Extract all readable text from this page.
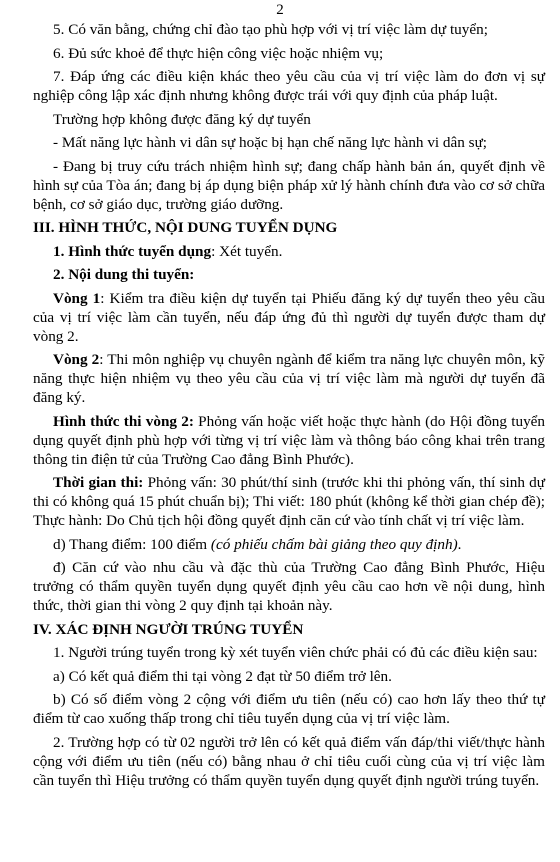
2

5. Có văn bằng, chứng chỉ đào tạo phù hợp với vị trí việc làm dự tuyển;

6. Đủ sức khoẻ để thực hiện công việc hoặc nhiệm vụ;

7. Đáp ứng các điều kiện khác theo yêu cầu của vị trí việc làm do đơn vị sự nghiệp công lập xác định nhưng không được trái với quy định của pháp luật.

Trường hợp không được đăng ký dự tuyển

- Mất năng lực hành vi dân sự hoặc bị hạn chế năng lực hành vi dân sự;

- Đang bị truy cứu trách nhiệm hình sự; đang chấp hành bản án, quyết định về hình sự của Tòa án; đang bị áp dụng biện pháp xử lý hành chính đưa vào cơ sở chữa bệnh, cơ sở giáo dục, trường giáo dưỡng.

III. HÌNH THỨC, NỘI DUNG TUYỂN DỤNG

1. Hình thức tuyển dụng: Xét tuyển.

2. Nội dung thi tuyển:

Vòng 1: Kiểm tra điều kiện dự tuyển tại Phiếu đăng ký dự tuyển theo yêu cầu của vị trí việc làm cần tuyển, nếu đáp ứng đủ thì người dự tuyển được tham dự vòng 2.

Vòng 2: Thi môn nghiệp vụ chuyên ngành để kiểm tra năng lực chuyên môn, kỹ năng thực hiện nhiệm vụ theo yêu cầu của vị trí việc làm mà người dự tuyển đã đăng ký.

Hình thức thi vòng 2: Phỏng vấn hoặc viết hoặc thực hành (do Hội đồng tuyển dụng quyết định phù hợp với từng vị trí việc làm và thông báo công khai trên trang thông tin điện tử của Trường Cao đẳng Bình Phước).

Thời gian thi: Phỏng vấn: 30 phút/thí sinh (trước khi thi phỏng vấn, thí sinh dự thi có không quá 15 phút chuẩn bị); Thi viết: 180 phút (không kể thời gian chép đề); Thực hành: Do Chủ tịch hội đồng quyết định căn cứ vào tính chất vị trí việc làm.

d) Thang điểm: 100 điểm (có phiếu chấm bài giảng theo quy định).

đ) Căn cứ vào nhu cầu và đặc thù của Trường Cao đẳng Bình Phước, Hiệu trưởng có thẩm quyền tuyển dụng quyết định yêu cầu cao hơn về nội dung, hình thức, thời gian thi vòng 2 quy định tại khoản này.

IV. XÁC ĐỊNH NGƯỜI TRÚNG TUYỂN

1. Người trúng tuyển trong kỳ xét tuyển viên chức phải có đủ các điều kiện sau:

a) Có kết quả điểm thi tại vòng 2 đạt từ 50 điểm trở lên.

b) Có số điểm vòng 2 cộng với điểm ưu tiên (nếu có) cao hơn lấy theo thứ tự điểm từ cao xuống thấp trong chỉ tiêu tuyển dụng của vị trí việc làm.

2. Trường hợp có từ 02 người trở lên có kết quả điểm vấn đáp/thi viết/thực hành cộng với điểm ưu tiên (nếu có) bằng nhau ở chỉ tiêu cuối cùng của vị trí việc làm cần tuyển thì Hiệu trưởng có thẩm quyền tuyển dụng quyết định người trúng tuyển.
